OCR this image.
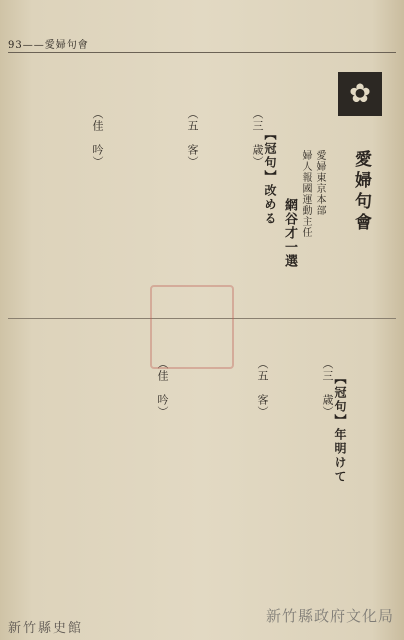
93——愛婦句會
✿
愛婦句會
愛婦東京本部
婦人報國運動主任
網谷才一選
【冠句】改める
（三　歳）
（五　客）
（佳　吟）
【冠句】年明けて
（三　歳）
（五　客）
（佳　吟）
新竹縣政府文化局
新竹縣史館
